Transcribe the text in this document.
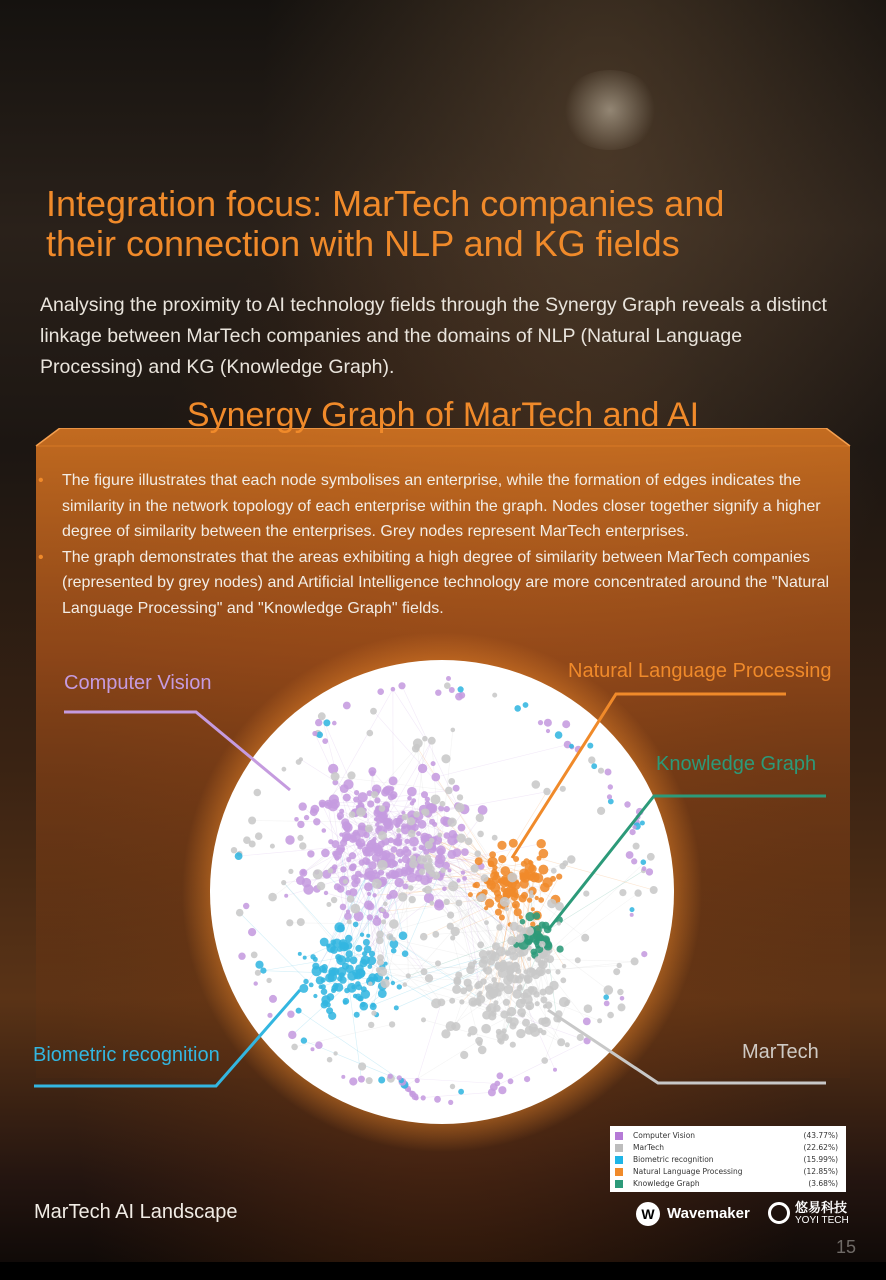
Integration focus: MarTech companies and
their connection with NLP and KG fields

Analysing the proximity to AI technology fields through the Synergy Graph reveals a distinct linkage between MarTech companies and the domains of NLP (Natural Language Processing) and KG (Knowledge Graph).

Synergy Graph of MarTech and AI
• The figure illustrates that each node symbolises an enterprise, while the formation of edges indicates the similarity in the network topology of each enterprise within the graph. Nodes closer together signify a higher degree of similarity between the enterprises. Grey nodes represent MarTech enterprises.
• The graph demonstrates that the areas exhibiting a high degree of similarity between MarTech companies (represented by grey nodes) and Artificial Intelligence technology are more concentrated around the "Natural Language Processing" and "Knowledge Graph" fields.
Computer Vision
Natural Language Processing
Knowledge Graph
Biometric recognition	MarTech
Computer Vision	(43.77%)
MarTech	(22.62%)
Biometric recognition	(15.99%)
Natural Language Processing	(12.85%)
Knowledge Graph	(3.68%)
MarTech AI Landscape
W	Wavemaker	悠易科技
YOYI TECH
15
